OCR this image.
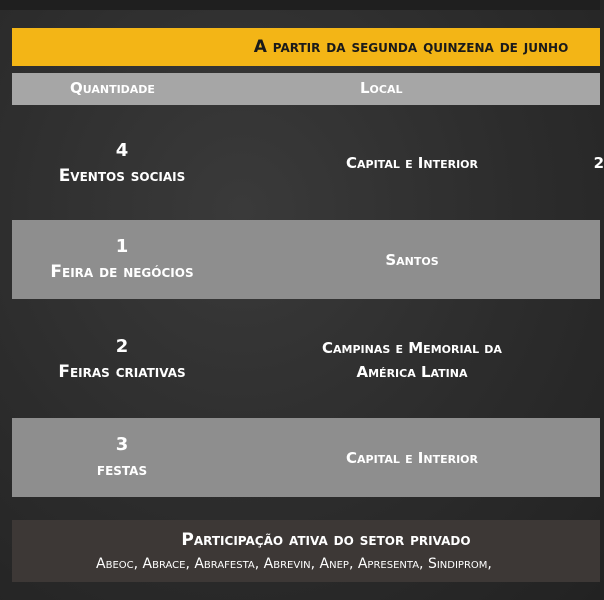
A partir da segunda quinzena de junho
Quantidade	Local
4
Eventos sociais
Capital e Interior	2
1
Feira de negócios
Santos
2
Feiras criativas
Campinas e Memorial da
América Latina
3
festas
Capital e Interior
Participação ativa do setor privado
Abeoc, Abrace, Abrafesta, Abrevin, Anep, Apresenta, Sindiprom,
